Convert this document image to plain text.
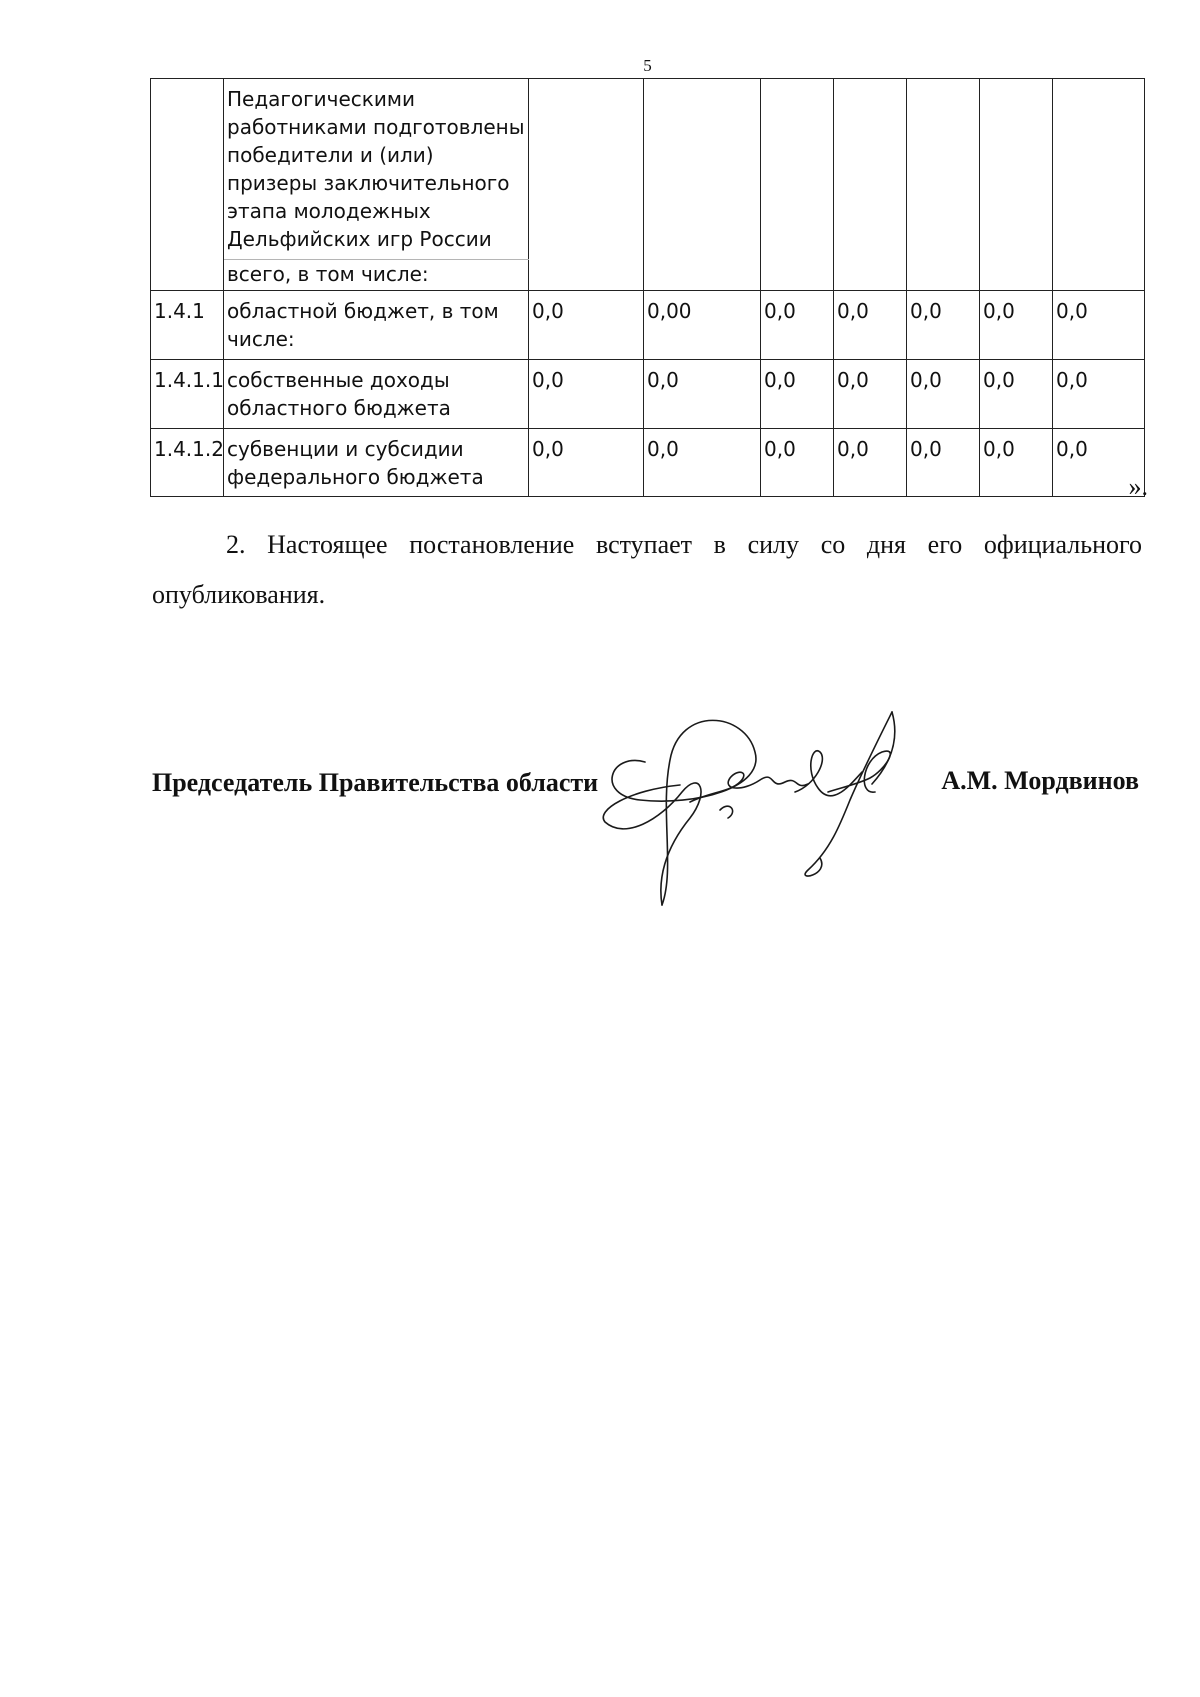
5
	Педагогическими работниками подготовлены победители и (или) призеры заключительного этапа молодежных Дельфийских игр России							
	всего, в том числе:							
1.4.1	областной бюджет, в том числе:	0,0	0,00	0,0	0,0	0,0	0,0	0,0
1.4.1.1	собственные доходы областного бюджета	0,0	0,0	0,0	0,0	0,0	0,0	0,0
1.4.1.2	субвенции и субсидии федерального бюджета	0,0	0,0	0,0	0,0	0,0	0,0	0,0
».

2. Настоящее постановление вступает в силу со дня его официального опубликования.

Председатель Правительства области	А.М. Мордвинов
